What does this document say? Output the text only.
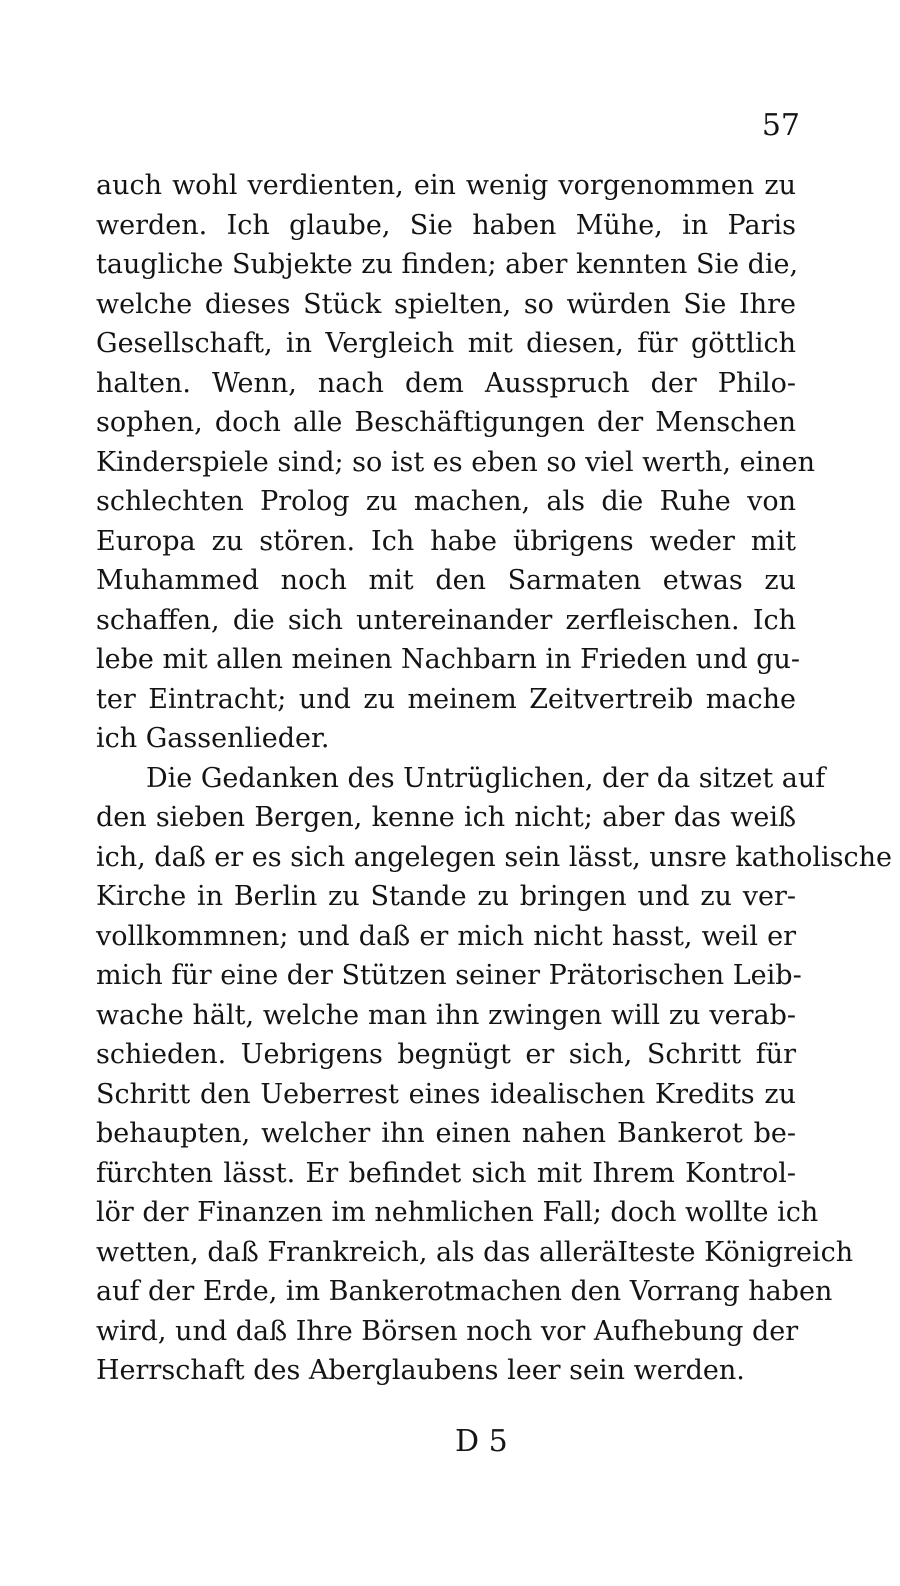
57
auch wohl verdienten, ein wenig vorgenommen zu
werden. Ich glaube, Sie haben Mühe, in Paris
taugliche Subjekte zu finden; aber kennten Sie die,
welche dieses Stück spielten, so würden Sie Ihre
Gesellschaft, in Vergleich mit diesen, für göttlich
halten. Wenn, nach dem Ausspruch der Philo-
sophen, doch alle Beschäftigungen der Menschen
Kinderspiele sind; so ist es eben so viel werth, einen
schlechten Prolog zu machen, als die Ruhe von
Europa zu stören. Ich habe übrigens weder mit
Muhammed noch mit den Sarmaten etwas zu
schaffen, die sich untereinander zerfleischen. Ich
lebe mit allen meinen Nachbarn in Frieden und gu-
ter Eintracht; und zu meinem Zeitvertreib mache
ich Gassenlieder.
Die Gedanken des Untrüglichen, der da sitzet auf
den sieben Bergen, kenne ich nicht; aber das weiß
ich, daß er es sich angelegen sein lässt, unsre katholische
Kirche in Berlin zu Stande zu bringen und zu ver-
vollkommnen; und daß er mich nicht hasst, weil er
mich für eine der Stützen seiner Prätorischen Leib-
wache hält, welche man ihn zwingen will zu verab-
schieden. Uebrigens begnügt er sich, Schritt für
Schritt den Ueberrest eines idealischen Kredits zu
behaupten, welcher ihn einen nahen Bankerot be-
fürchten lässt. Er befindet sich mit Ihrem Kontrol-
lör der Finanzen im nehmlichen Fall; doch wollte ich
wetten, daß Frankreich, als das alleräIteste Königreich
auf der Erde, im Bankerotmachen den Vorrang haben
wird, und daß Ihre Börsen noch vor Aufhebung der
Herrschaft des Aberglaubens leer sein werden.
D 5
